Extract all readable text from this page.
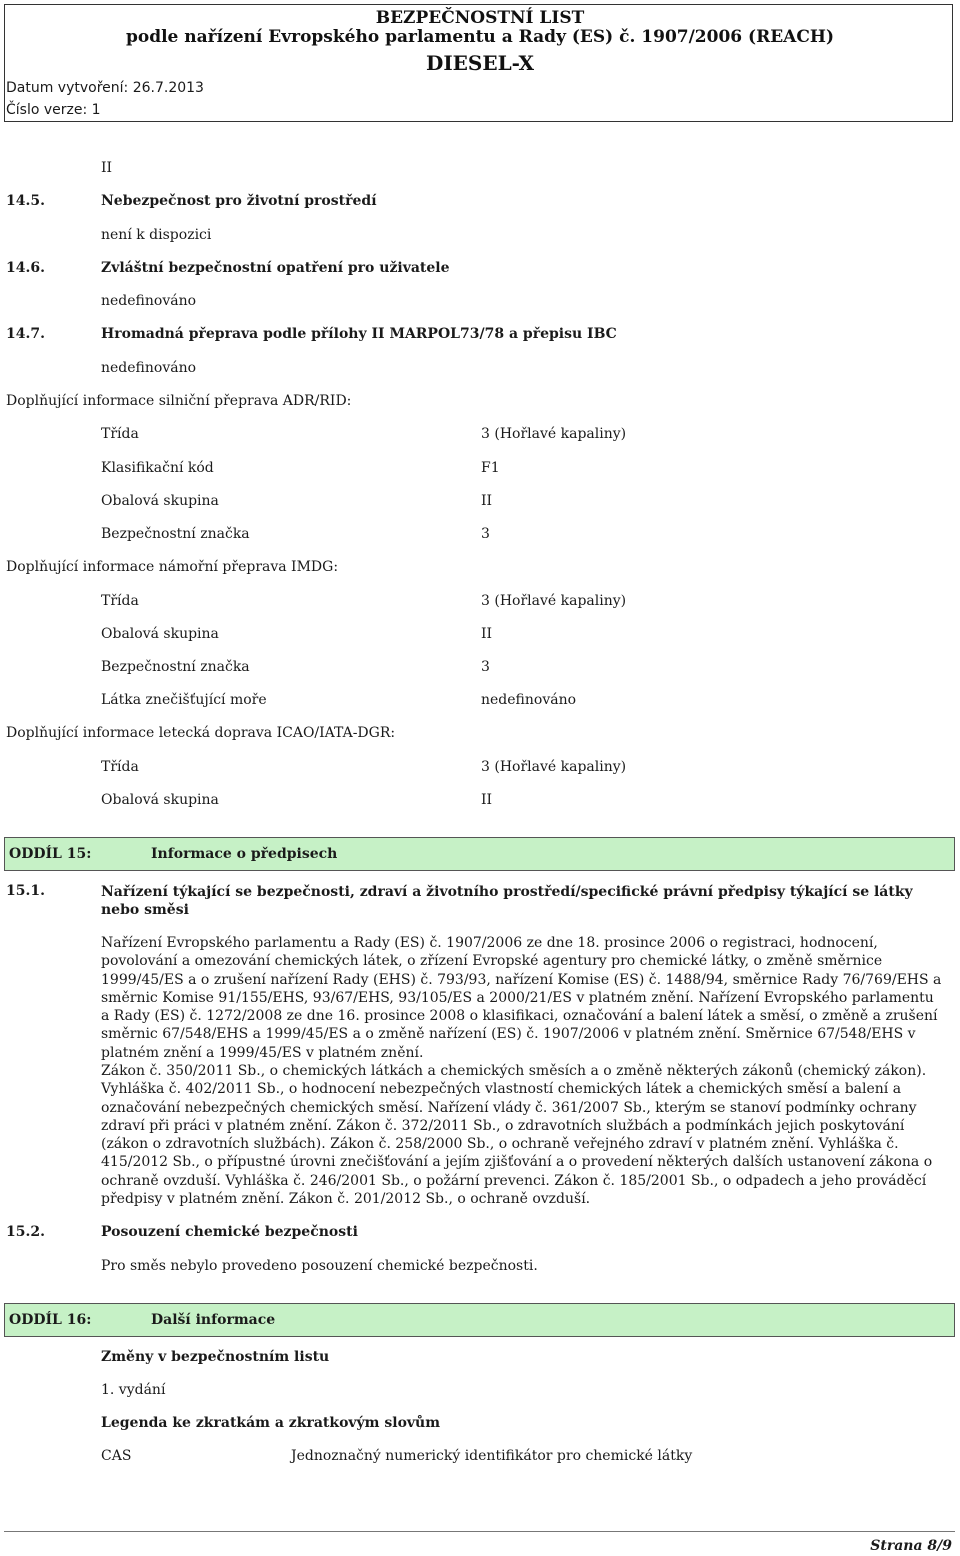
BEZPEČNOSTNÍ LIST
podle nařízení Evropského parlamentu a Rady (ES) č. 1907/2006 (REACH)
DIESEL-X
Datum vytvoření: 26.7.2013
Číslo verze: 1
II
14.5.	Nebezpečnost pro životní prostředí
není k dispozici
14.6.	Zvláštní bezpečnostní opatření pro uživatele
nedefinováno
14.7.	Hromadná přeprava podle přílohy II MARPOL73/78 a přepisu IBC
nedefinováno
Doplňující informace silniční přeprava ADR/RID:
Třída	3 (Hořlavé kapaliny)
Klasifikační kód	F1
Obalová skupina	II
Bezpečnostní značka	3
Doplňující informace námořní přeprava IMDG:
Třída	3 (Hořlavé kapaliny)
Obalová skupina	II
Bezpečnostní značka	3
Látka znečišťující moře	nedefinováno
Doplňující informace letecká doprava ICAO/IATA-DGR:
Třída	3 (Hořlavé kapaliny)
Obalová skupina	II
ODDÍL 15:	Informace o předpisech
15.1.	Nařízení týkající se bezpečnosti, zdraví a životního prostředí/specifické právní předpisy týkající se látky nebo směsi
Nařízení Evropského parlamentu a Rady (ES) č. 1907/2006 ze dne 18. prosince 2006 o registraci, hodnocení, povolování a omezování chemických látek, o zřízení Evropské agentury pro chemické látky, o změně směrnice 1999/45/ES a o zrušení nařízení Rady (EHS) č. 793/93, nařízení Komise (ES) č. 1488/94, směrnice Rady 76/769/EHS a směrnic Komise 91/155/EHS, 93/67/EHS, 93/105/ES a 2000/21/ES v platném znění. Nařízení Evropského parlamentu a Rady (ES) č. 1272/2008 ze dne 16. prosince 2008 o klasifikaci, označování a balení látek a směsí, o změně a zrušení směrnic 67/548/EHS a 1999/45/ES a o změně nařízení (ES) č. 1907/2006 v platném znění. Směrnice 67/548/EHS v platném znění a 1999/45/ES v platném znění.
Zákon č. 350/2011 Sb., o chemických látkách a chemických směsích a o změně některých zákonů (chemický zákon). Vyhláška č. 402/2011 Sb., o hodnocení nebezpečných vlastností chemických látek a chemických směsí a balení a označování nebezpečných chemických směsí. Nařízení vlády č. 361/2007 Sb., kterým se stanoví podmínky ochrany zdraví při práci v platném znění. Zákon č. 372/2011 Sb., o zdravotních službách a podmínkách jejich poskytování (zákon o zdravotních službách). Zákon č. 258/2000 Sb., o ochraně veřejného zdraví v platném znění. Vyhláška č. 415/2012 Sb., o přípustné úrovni znečišťování a jejím zjišťování a o provedení některých dalších ustanovení zákona o ochraně ovzduší. Vyhláška č. 246/2001 Sb., o požární prevenci. Zákon č. 185/2001 Sb., o odpadech a jeho prováděcí předpisy v platném znění. Zákon č. 201/2012 Sb., o ochraně ovzduší.
15.2.	Posouzení chemické bezpečnosti
Pro směs nebylo provedeno posouzení chemické bezpečnosti.
ODDÍL 16:	Další informace
Změny v bezpečnostním listu
1. vydání
Legenda ke zkratkám a zkratkovým slovům
CAS	Jednoznačný numerický identifikátor pro chemické látky
Strana 8/9
